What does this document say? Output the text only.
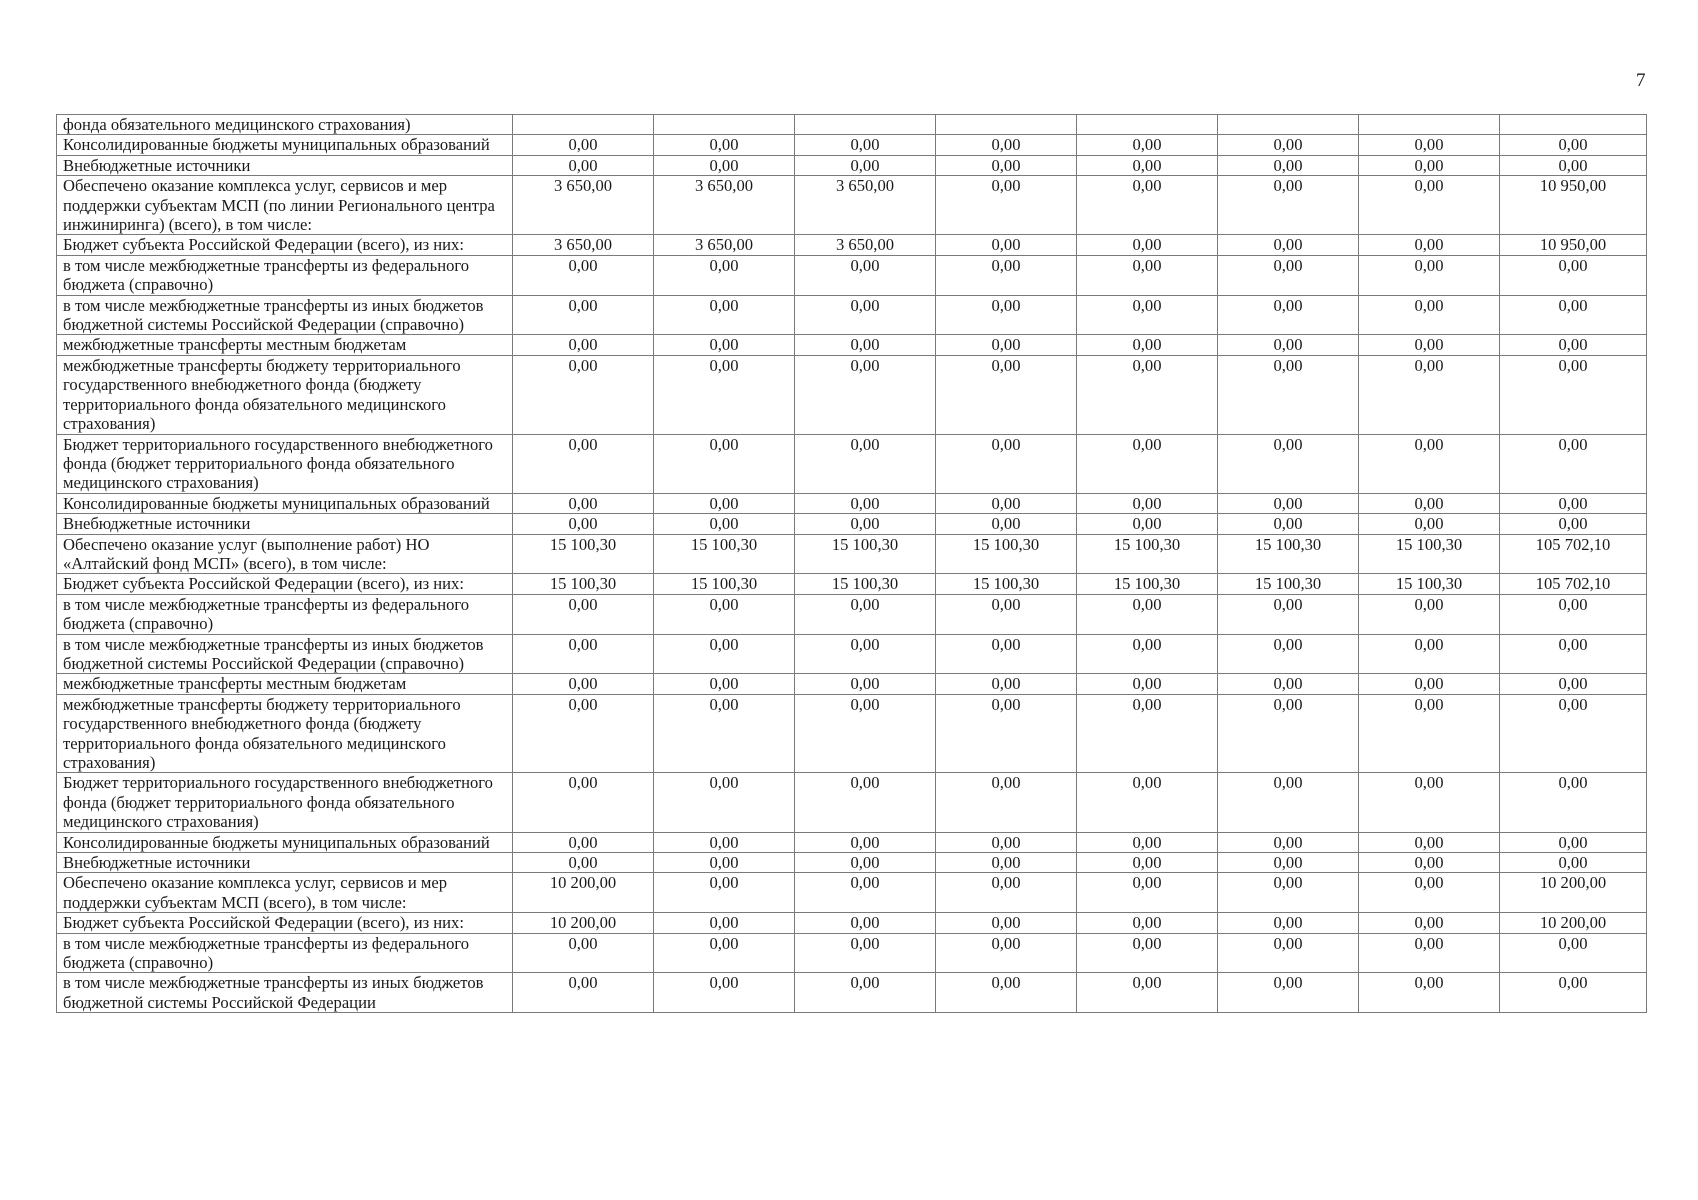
7
фонда обязательного медицинского страхования)								
Консолидированные бюджеты муниципальных образований	0,00	0,00	0,00	0,00	0,00	0,00	0,00	0,00
Внебюджетные источники	0,00	0,00	0,00	0,00	0,00	0,00	0,00	0,00
Обеспечено оказание комплекса услуг, сервисов и мер поддержки субъектам МСП (по линии Регионального центра инжиниринга) (всего), в том числе:	3 650,00	3 650,00	3 650,00	0,00	0,00	0,00	0,00	10 950,00
Бюджет субъекта Российской Федерации (всего), из них:	3 650,00	3 650,00	3 650,00	0,00	0,00	0,00	0,00	10 950,00
в том числе межбюджетные трансферты из федерального бюджета (справочно)	0,00	0,00	0,00	0,00	0,00	0,00	0,00	0,00
в том числе межбюджетные трансферты из иных бюджетов бюджетной системы Российской Федерации (справочно)	0,00	0,00	0,00	0,00	0,00	0,00	0,00	0,00
межбюджетные трансферты местным бюджетам	0,00	0,00	0,00	0,00	0,00	0,00	0,00	0,00
межбюджетные трансферты бюджету территориального государственного внебюджетного фонда (бюджету территориального фонда обязательного медицинского страхования)	0,00	0,00	0,00	0,00	0,00	0,00	0,00	0,00
Бюджет территориального государственного внебюджетного фонда (бюджет территориального фонда обязательного медицинского страхования)	0,00	0,00	0,00	0,00	0,00	0,00	0,00	0,00
Консолидированные бюджеты муниципальных образований	0,00	0,00	0,00	0,00	0,00	0,00	0,00	0,00
Внебюджетные источники	0,00	0,00	0,00	0,00	0,00	0,00	0,00	0,00
Обеспечено оказание услуг (выполнение работ) НО «Алтайский фонд МСП» (всего), в том числе:	15 100,30	15 100,30	15 100,30	15 100,30	15 100,30	15 100,30	15 100,30	105 702,10
Бюджет субъекта Российской Федерации (всего), из них:	15 100,30	15 100,30	15 100,30	15 100,30	15 100,30	15 100,30	15 100,30	105 702,10
в том числе межбюджетные трансферты из федерального бюджета (справочно)	0,00	0,00	0,00	0,00	0,00	0,00	0,00	0,00
в том числе межбюджетные трансферты из иных бюджетов бюджетной системы Российской Федерации (справочно)	0,00	0,00	0,00	0,00	0,00	0,00	0,00	0,00
межбюджетные трансферты местным бюджетам	0,00	0,00	0,00	0,00	0,00	0,00	0,00	0,00
межбюджетные трансферты бюджету территориального государственного внебюджетного фонда (бюджету территориального фонда обязательного медицинского страхования)	0,00	0,00	0,00	0,00	0,00	0,00	0,00	0,00
Бюджет территориального государственного внебюджетного фонда (бюджет территориального фонда обязательного медицинского страхования)	0,00	0,00	0,00	0,00	0,00	0,00	0,00	0,00
Консолидированные бюджеты муниципальных образований	0,00	0,00	0,00	0,00	0,00	0,00	0,00	0,00
Внебюджетные источники	0,00	0,00	0,00	0,00	0,00	0,00	0,00	0,00
Обеспечено оказание комплекса услуг, сервисов и мер поддержки субъектам МСП (всего), в том числе:	10 200,00	0,00	0,00	0,00	0,00	0,00	0,00	10 200,00
Бюджет субъекта Российской Федерации (всего), из них:	10 200,00	0,00	0,00	0,00	0,00	0,00	0,00	10 200,00
в том числе межбюджетные трансферты из федерального бюджета (справочно)	0,00	0,00	0,00	0,00	0,00	0,00	0,00	0,00
в том числе межбюджетные трансферты из иных бюджетов бюджетной системы Российской Федерации	0,00	0,00	0,00	0,00	0,00	0,00	0,00	0,00
